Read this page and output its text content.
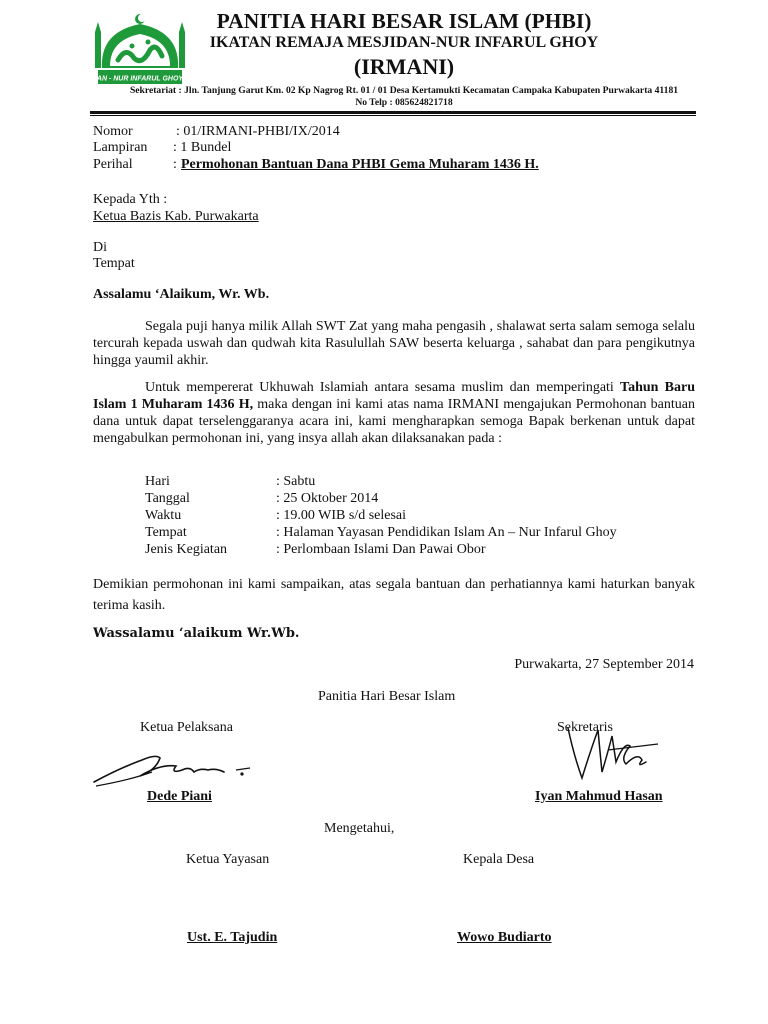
AN - NUR INFARUL GHOY
PANITIA HARI BESAR ISLAM (PHBI)
IKATAN REMAJA MESJIDAN-NUR INFARUL GHOY
(IRMANI)
Sekretariat : Jln. Tanjung Garut Km. 02 Kp Nagrog Rt. 01 / 01 Desa Kertamukti Kecamatan Campaka Kabupaten Purwakarta 41181
No Telp : 085624821718
Nomor	: 01/IRMANI-PHBI/IX/2014
Lampiran : 1 Bundel
Perihal	: Permohonan Bantuan Dana PHBI Gema Muharam 1436 H.
Kepada Yth :
Ketua Bazis Kab. Purwakarta
Di
Tempat
Assalamu ‘Alaikum, Wr. Wb.
Segala puji hanya milik Allah SWT Zat yang maha pengasih , shalawat serta salam semoga selalu tercurah kepada uswah dan qudwah kita Rasulullah SAW beserta keluarga , sahabat dan para pengikutnya hingga yaumil akhir.
Untuk mempererat Ukhuwah Islamiah antara sesama muslim dan memperingati Tahun Baru Islam 1 Muharam 1436 H, maka dengan ini kami atas nama IRMANI mengajukan Permohonan bantuan dana untuk dapat terselenggaranya acara ini, kami mengharapkan semoga Bapak berkenan untuk dapat mengabulkan permohonan ini, yang insya allah akan dilaksanakan pada :
Hari	: Sabtu
Tanggal	: 25 Oktober 2014
Waktu	: 19.00 WIB s/d selesai
Tempat	: Halaman Yayasan Pendidikan Islam An – Nur Infarul Ghoy
Jenis Kegiatan	: Perlombaan Islami Dan Pawai Obor
Demikian permohonan ini kami sampaikan, atas segala bantuan dan perhatiannya kami haturkan banyak terima kasih.
Wassalamu ‘alaikum Wr.Wb.
Purwakarta, 27 September 2014
Panitia Hari Besar Islam
Ketua Pelaksana	Sekretaris
Dede Piani	Iyan Mahmud Hasan
Mengetahui,
Ketua Yayasan	Kepala Desa
Ust. E. Tajudin	Wowo Budiarto
